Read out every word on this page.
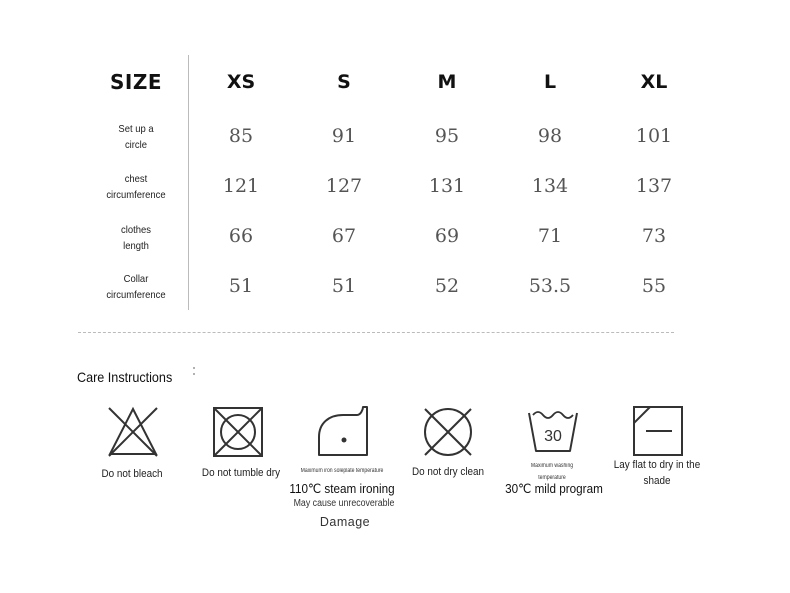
SIZE	XS	S	M	L	XL
Set up a
circle	85	91	95	98	101
chest
circumference	121	127	131	134	137
clothes
length	66	67	69	71	73
Collar
circumference	51	51	52	53.5	55
Care Instructions
Do not bleach	Do not tumble dry	Maximum iron soleplate temperature
110℃ steam ironing
May cause unrecoverable
Damage
Do not dry clean
30
Maximum washing
temperature
30℃ mild program
Lay flat to dry in the
shade
